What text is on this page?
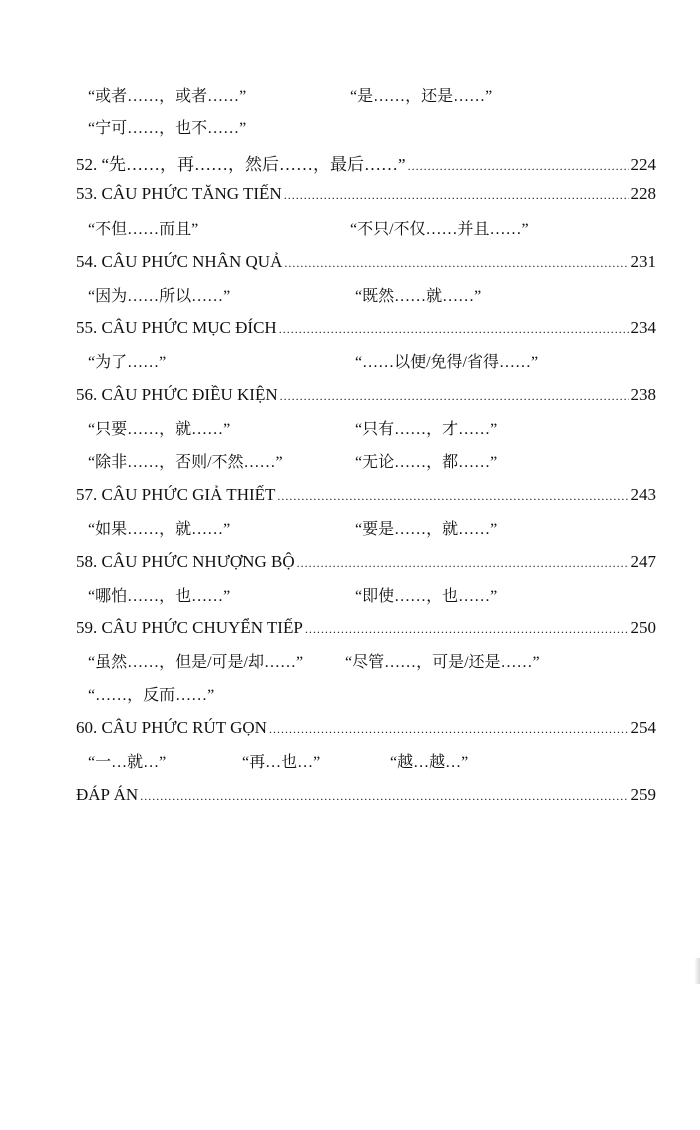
“或者……，或者……”	“是……，还是……”
“宁可……，也不……”
52. “先……，再……，然后……，最后……” .....	224
53. CÂU PHỨC TĂNG TIẾN .....	228
“不但……而且”	“不只/不仅……并且……”
54. CÂU PHỨC NHÂN QUẢ .....	231
“因为……所以……”	“既然……就……”
55. CÂU PHỨC MỤC ĐÍCH .....	234
“为了……”	“……以便/免得/省得……”
56. CÂU PHỨC ĐIỀU KIỆN .....	238
“只要……，就……”	“只有……，才……”
“除非……，否则/不然……”	“无论……，都……”
57. CÂU PHỨC GIẢ THIẾT .....	243
“如果……，就……”	“要是……，就……”
58. CÂU PHỨC NHƯỢNG BỘ .....	247
“哪怕……，也……”	“即使……，也……”
59. CÂU PHỨC CHUYỂN TIẾP .....	250
“虽然……，但是/可是/却……”	“尽管……，可是/还是……”
“……，反而……”
60. CÂU PHỨC RÚT GỌN .....	254
“一…就…”	“再…也…”	“越…越…”
ĐÁP ÁN .....	259
